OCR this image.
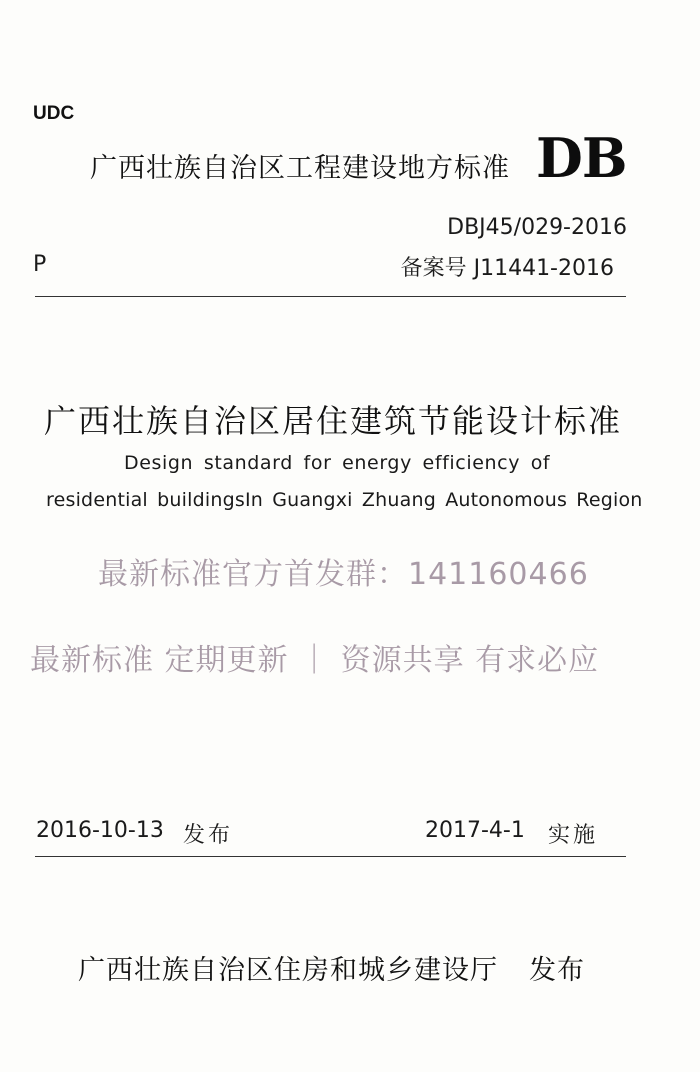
UDC
广西壮族自治区工程建设地方标准 DB
DBJ45/029-2016
P	备案号 J11441-2016
广西壮族自治区居住建筑节能设计标准
Design standard for energy efficiency of
residential buildingsIn Guangxi Zhuang Autonomous Region
最新标准官方首发群：141160466
最新标准 定期更新 ｜ 资源共享 有求必应
2016-10-13 发布	2017-4-1 实施
广西壮族自治区住房和城乡建设厅 发布
